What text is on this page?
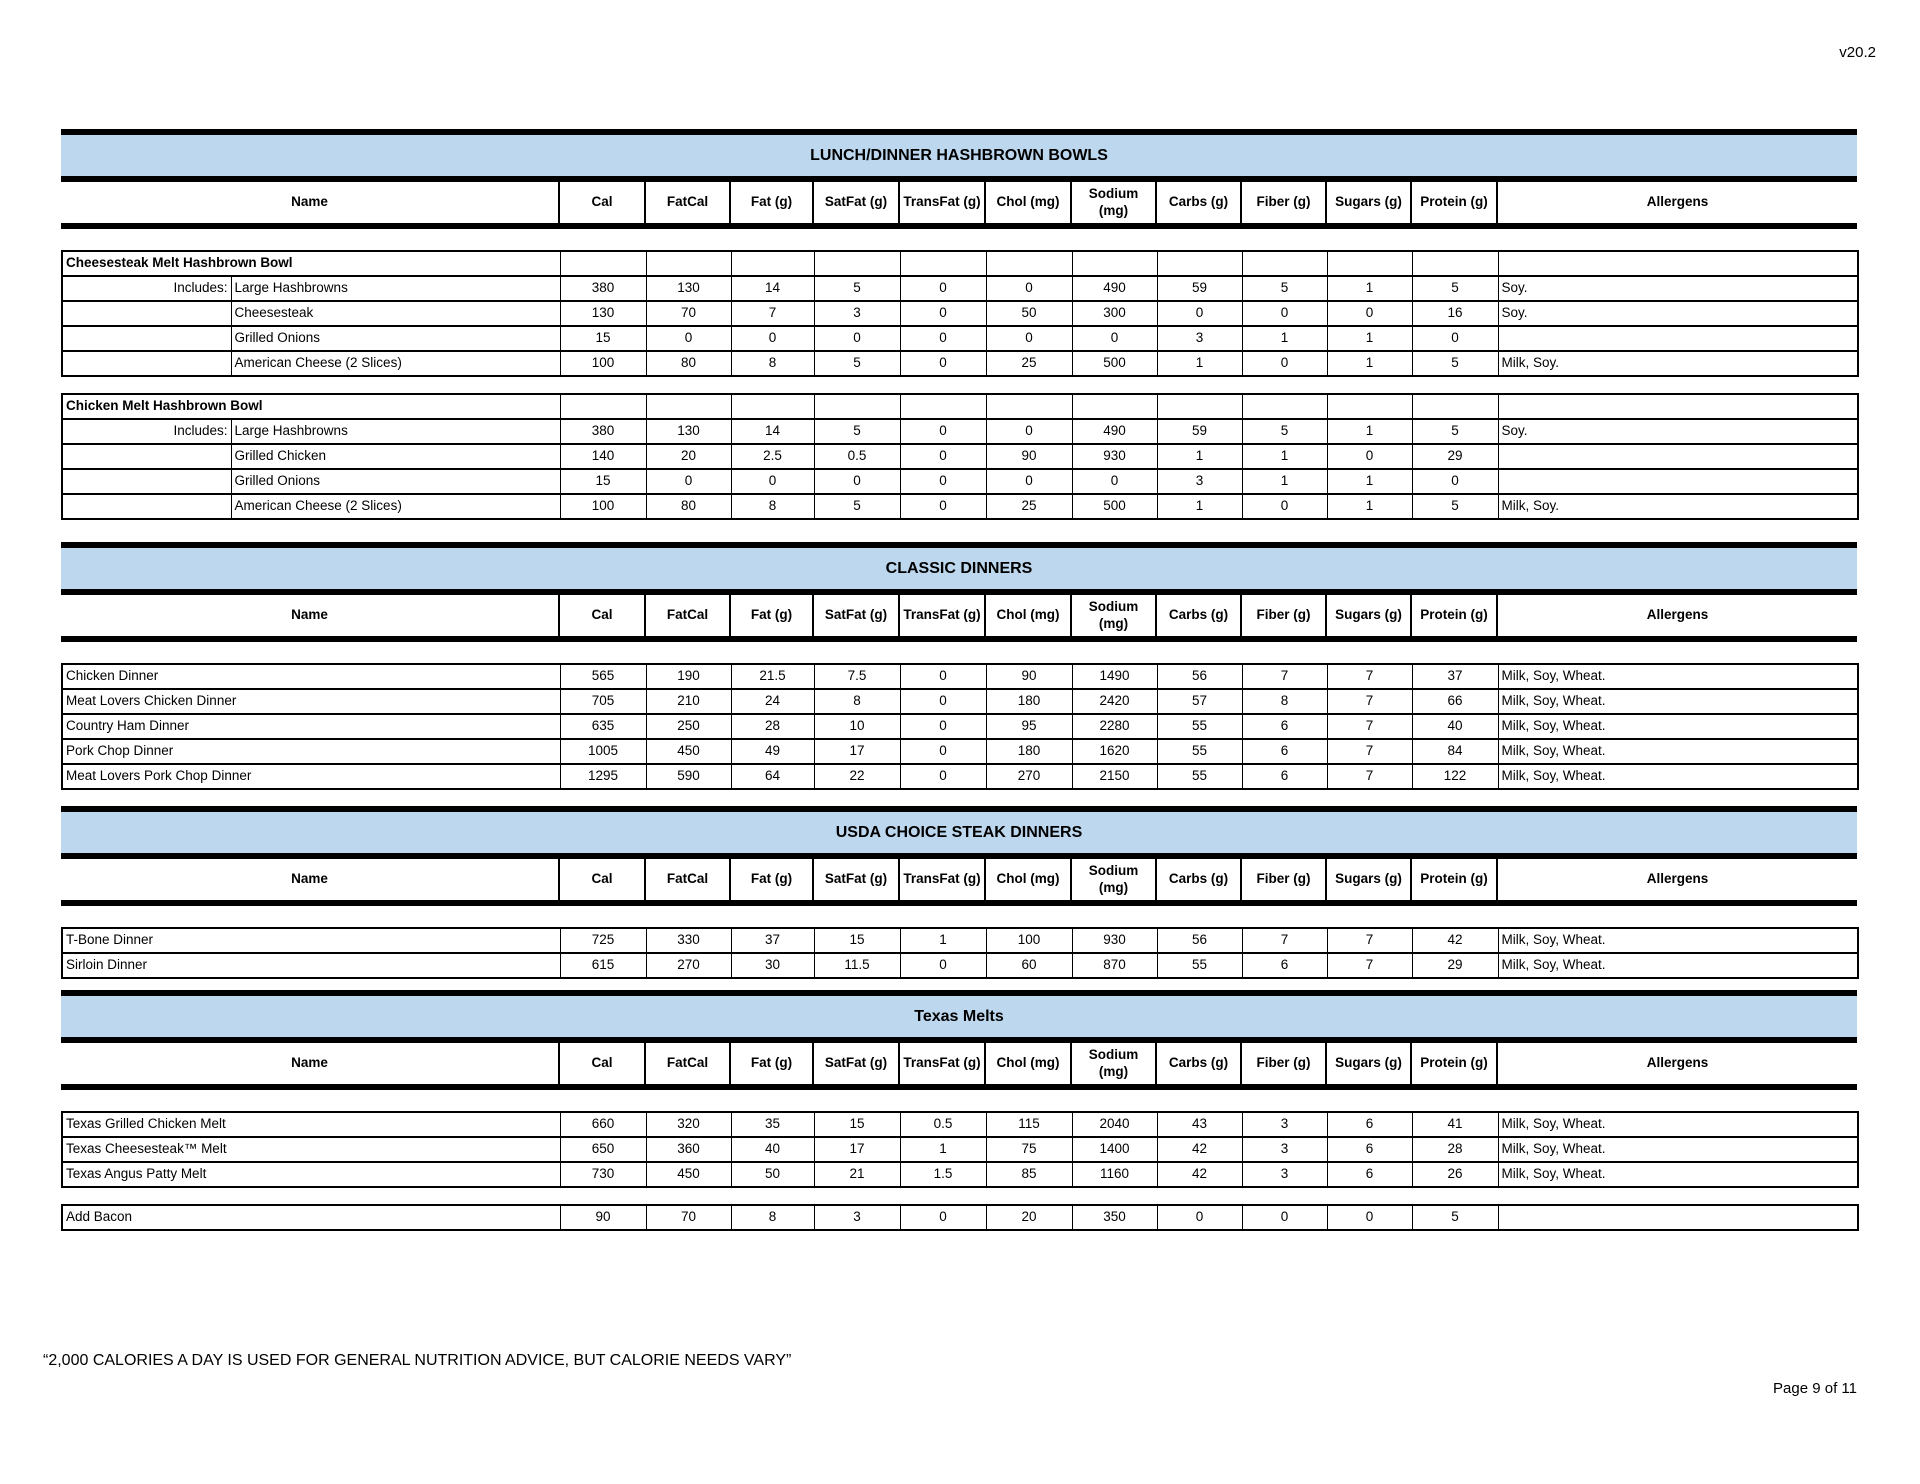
v20.2
LUNCH/DINNER HASHBROWN BOWLS
Name	Cal	FatCal	Fat (g)	SatFat (g)	TransFat (g)	Chol (mg)	Sodium (mg)	Carbs (g)	Fiber (g)	Sugars (g)	Protein (g)	Allergens
Cheesesteak Melt Hashbrown Bowl													
Includes:	Large Hashbrowns	380	130	14	5	0	0	490	59	5	1	5	Soy.
	Cheesesteak	130	70	7	3	0	50	300	0	0	0	16	Soy.
	Grilled Onions	15	0	0	0	0	0	0	3	1	1	0	
	American Cheese (2 Slices)	100	80	8	5	0	25	500	1	0	1	5	Milk, Soy.
Chicken Melt Hashbrown Bowl													
Includes:	Large Hashbrowns	380	130	14	5	0	0	490	59	5	1	5	Soy.
	Grilled Chicken	140	20	2.5	0.5	0	90	930	1	1	0	29	
	Grilled Onions	15	0	0	0	0	0	0	3	1	1	0	
	American Cheese (2 Slices)	100	80	8	5	0	25	500	1	0	1	5	Milk, Soy.
CLASSIC DINNERS
Name	Cal	FatCal	Fat (g)	SatFat (g)	TransFat (g)	Chol (mg)	Sodium (mg)	Carbs (g)	Fiber (g)	Sugars (g)	Protein (g)	Allergens
Chicken Dinner	565	190	21.5	7.5	0	90	1490	56	7	7	37	Milk, Soy, Wheat.
Meat Lovers Chicken Dinner	705	210	24	8	0	180	2420	57	8	7	66	Milk, Soy, Wheat.
Country Ham Dinner	635	250	28	10	0	95	2280	55	6	7	40	Milk, Soy, Wheat.
Pork Chop Dinner	1005	450	49	17	0	180	1620	55	6	7	84	Milk, Soy, Wheat.
Meat Lovers Pork Chop Dinner	1295	590	64	22	0	270	2150	55	6	7	122	Milk, Soy, Wheat.
USDA CHOICE STEAK DINNERS
Name	Cal	FatCal	Fat (g)	SatFat (g)	TransFat (g)	Chol (mg)	Sodium (mg)	Carbs (g)	Fiber (g)	Sugars (g)	Protein (g)	Allergens
T-Bone Dinner	725	330	37	15	1	100	930	56	7	7	42	Milk, Soy, Wheat.
Sirloin Dinner	615	270	30	11.5	0	60	870	55	6	7	29	Milk, Soy, Wheat.
Texas Melts
Name	Cal	FatCal	Fat (g)	SatFat (g)	TransFat (g)	Chol (mg)	Sodium (mg)	Carbs (g)	Fiber (g)	Sugars (g)	Protein (g)	Allergens
Texas Grilled Chicken Melt	660	320	35	15	0.5	115	2040	43	3	6	41	Milk, Soy, Wheat.
Texas Cheesesteak™ Melt	650	360	40	17	1	75	1400	42	3	6	28	Milk, Soy, Wheat.
Texas Angus Patty Melt	730	450	50	21	1.5	85	1160	42	3	6	26	Milk, Soy, Wheat.
Add Bacon	90	70	8	3	0	20	350	0	0	0	5	
“2,000 CALORIES A DAY IS USED FOR GENERAL NUTRITION ADVICE, BUT CALORIE NEEDS VARY”
Page 9 of 11
